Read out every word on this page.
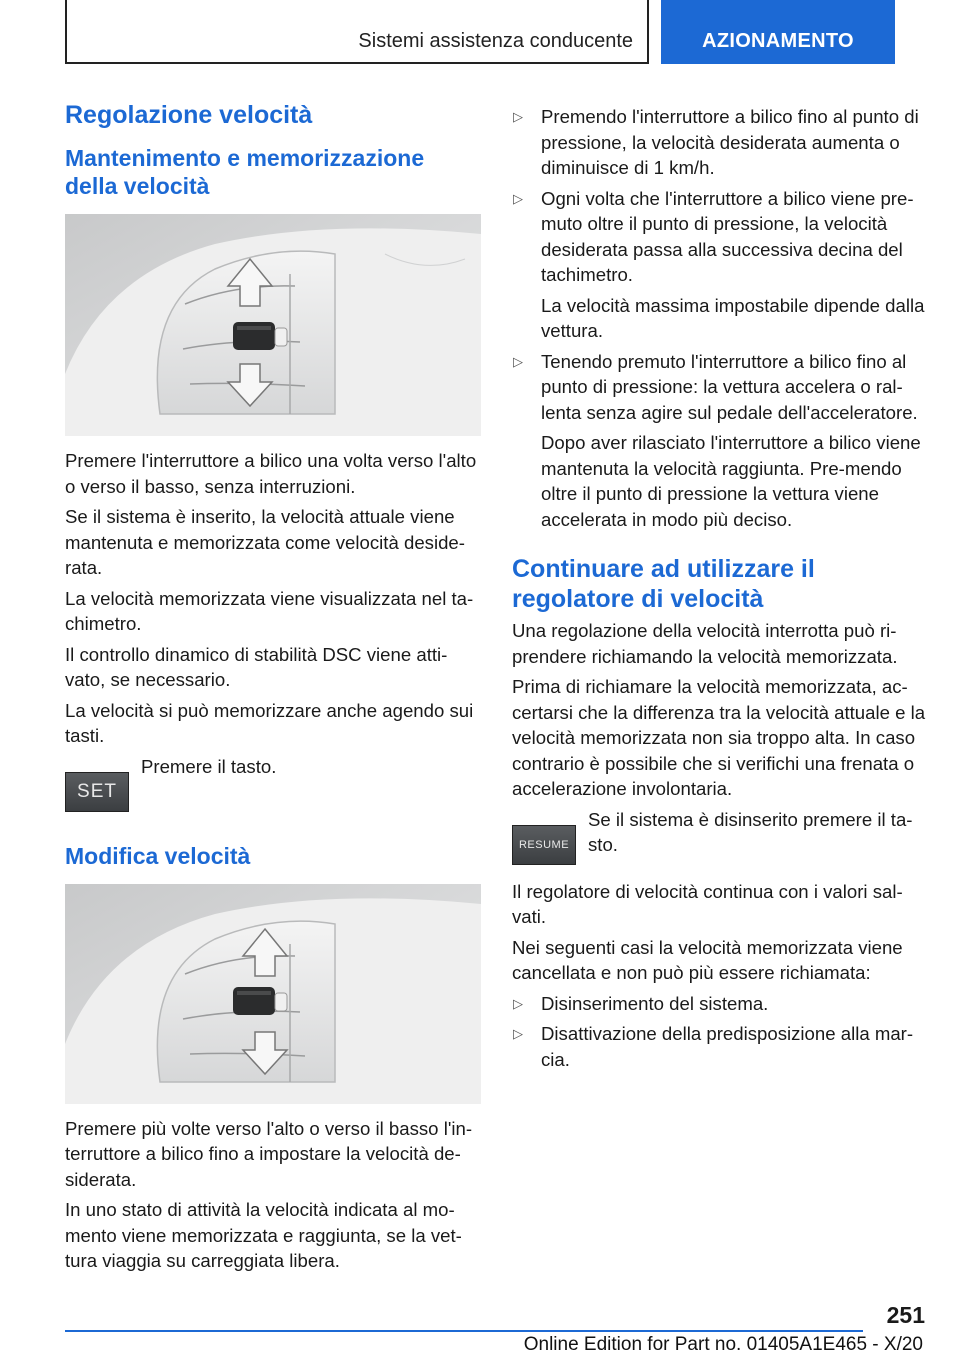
Sistemi assistenza conducente	AZIONAMENTO
Regolazione velocità
Mantenimento e memorizzazione della velocità

Premere l'interruttore a bilico una volta verso l'alto o verso il basso, senza interruzioni.

Se il sistema è inserito, la velocità attuale viene mantenuta e memorizzata come velocità deside-rata.

La velocità memorizzata viene visualizzata nel ta-chimetro.

Il controllo dinamico di stabilità DSC viene atti-vato, se necessario.

La velocità si può memorizzare anche agendo sui tasti.

SET
Premere il tasto.
Modifica velocità

Premere più volte verso l'alto o verso il basso l'in-terruttore a bilico fino a impostare la velocità de-siderata.

In uno stato di attività la velocità indicata al mo-mento viene memorizzata e raggiunta, se la vet-tura viaggia su carreggiata libera.

▷ Premendo l'interruttore a bilico fino al punto di pressione, la velocità desiderata aumenta o diminuisce di 1 km/h.
▷ Ogni volta che l'interruttore a bilico viene pre-muto oltre il punto di pressione, la velocità desiderata passa alla successiva decina del tachimetro.
La velocità massima impostabile dipende dalla vettura.
▷ Tenendo premuto l'interruttore a bilico fino al punto di pressione: la vettura accelera o ral-lenta senza agire sul pedale dell'acceleratore.
Dopo aver rilasciato l'interruttore a bilico viene mantenuta la velocità raggiunta. Pre-mendo oltre il punto di pressione la vettura viene accelerata in modo più deciso.
Continuare ad utilizzare il regolatore di velocità

Una regolazione della velocità interrotta può ri-prendere richiamando la velocità memorizzata.

Prima di richiamare la velocità memorizzata, ac-certarsi che la differenza tra la velocità attuale e la velocità memorizzata non sia troppo alta. In caso contrario è possibile che si verifichi una frenata o accelerazione involontaria.

RESUME
Se il sistema è disinserito premere il ta-sto.

Il regolatore di velocità continua con i valori sal-vati.

Nei seguenti casi la velocità memorizzata viene cancellata e non può più essere richiamata:

▷ Disinserimento del sistema.
▷ Disattivazione della predisposizione alla mar-cia.
251
Online Edition for Part no. 01405A1E465 - X/20
